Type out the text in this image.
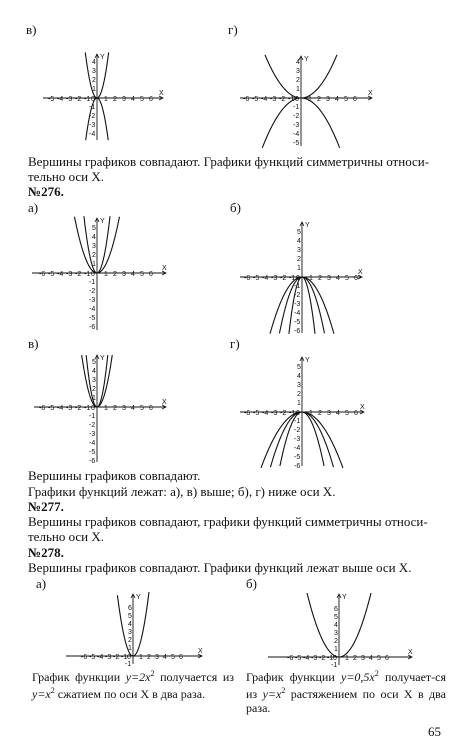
в)	г)
X
Y
-5 -4 -3 -2 -1 1 2 3 4 5 6
0
1
2
3
4
-1
-2
-3
-4
X
Y
-6 -5 -4 -3 -2 -1 1 2 3 4 5 6
0
1
2
3
4
-1
-2
-3
-4
-5
Вершины графиков совпадают. Графики функций симметричны относи-
тельно оси X.
№276.
а)	б)
X
Y
-6 -5 -4 -3 -2 -1 1 2 3 4 5 6
0
1
2
3
4
5
-1
-2
-3
-4
-5
-6
X
Y
-6 -5 -4 -3 -2 -1 1 2 3 4 5 6
0
1
2
3
4
5
-1
-2
-3
-4
-5
-6
в)	г)
X
Y
-6 -5 -4 -3 -2 -1 1 2 3 4 5 6
0
1
2
3
4
5
-1
-2
-3
-4
-5
-6
X
Y
-6 -5 -4 -3 -2 -1 1 2 3 4 5 6
0
1
2
3
4
5
-1
-2
-3
-4
-5
-6
Вершины графиков совпадают.
Графики функций лежат: а), в) выше; б), г) ниже оси X.
№277.
Вершины графиков совпадают, графики функций симметричны относи-
тельно оси X.
№278.
Вершины графиков совпадают. Графики функций лежат выше оси X.
а)	б)
X
Y
-6 -5 -4 -3 -2 -1 1 2 3 4 5 6
0
1
2
3
4
5
6
-1
X
Y
-6 -5 -4 -3 -2 -1 1 2 3 4 5 6
0
1
2
3
4
5
6
-1
График функции $y=2x^2$ получается из $y=x^2$ сжатием по оси X в два раза.
График функции $y=0,5x^2$ получает-ся из $y=x^2$ растяжением по оси X в два раза.
65
